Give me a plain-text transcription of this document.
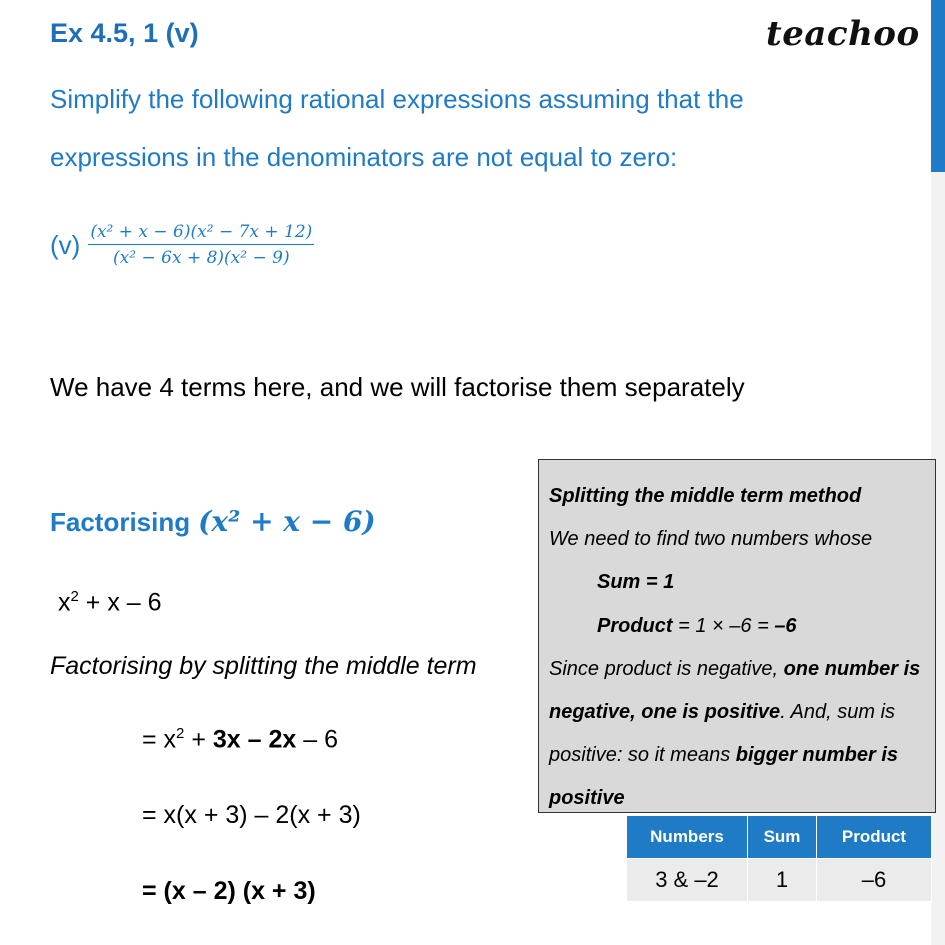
Ex 4.5, 1 (v)	teachoo
Simplify the following rational expressions assuming that the
expressions in the denominators are not equal to zero:
$(v) \frac{\text{(x² + x − 6)(x² − 7x + 12)}}{\text{(x² − 6x + 8)(x² − 9)}}$
We have 4 terms here, and we will factorise them separately
Factorising (x² + x − 6)
$x^2 + x - 6$
Factorising by splitting the middle term
= $x^2 + 3x - 2x - 6$
= x(x + 3) – 2(x + 3)
= (x – 2) (x + 3)
Splitting the middle term method
We need to find two numbers whose
Sum = 1
Product = 1 × –6 = –6
Since product is negative, one number is negative, one is positive. And, sum is positive: so it means bigger number is positive
Numbers	Sum	Product
3 & –2	1	–6
